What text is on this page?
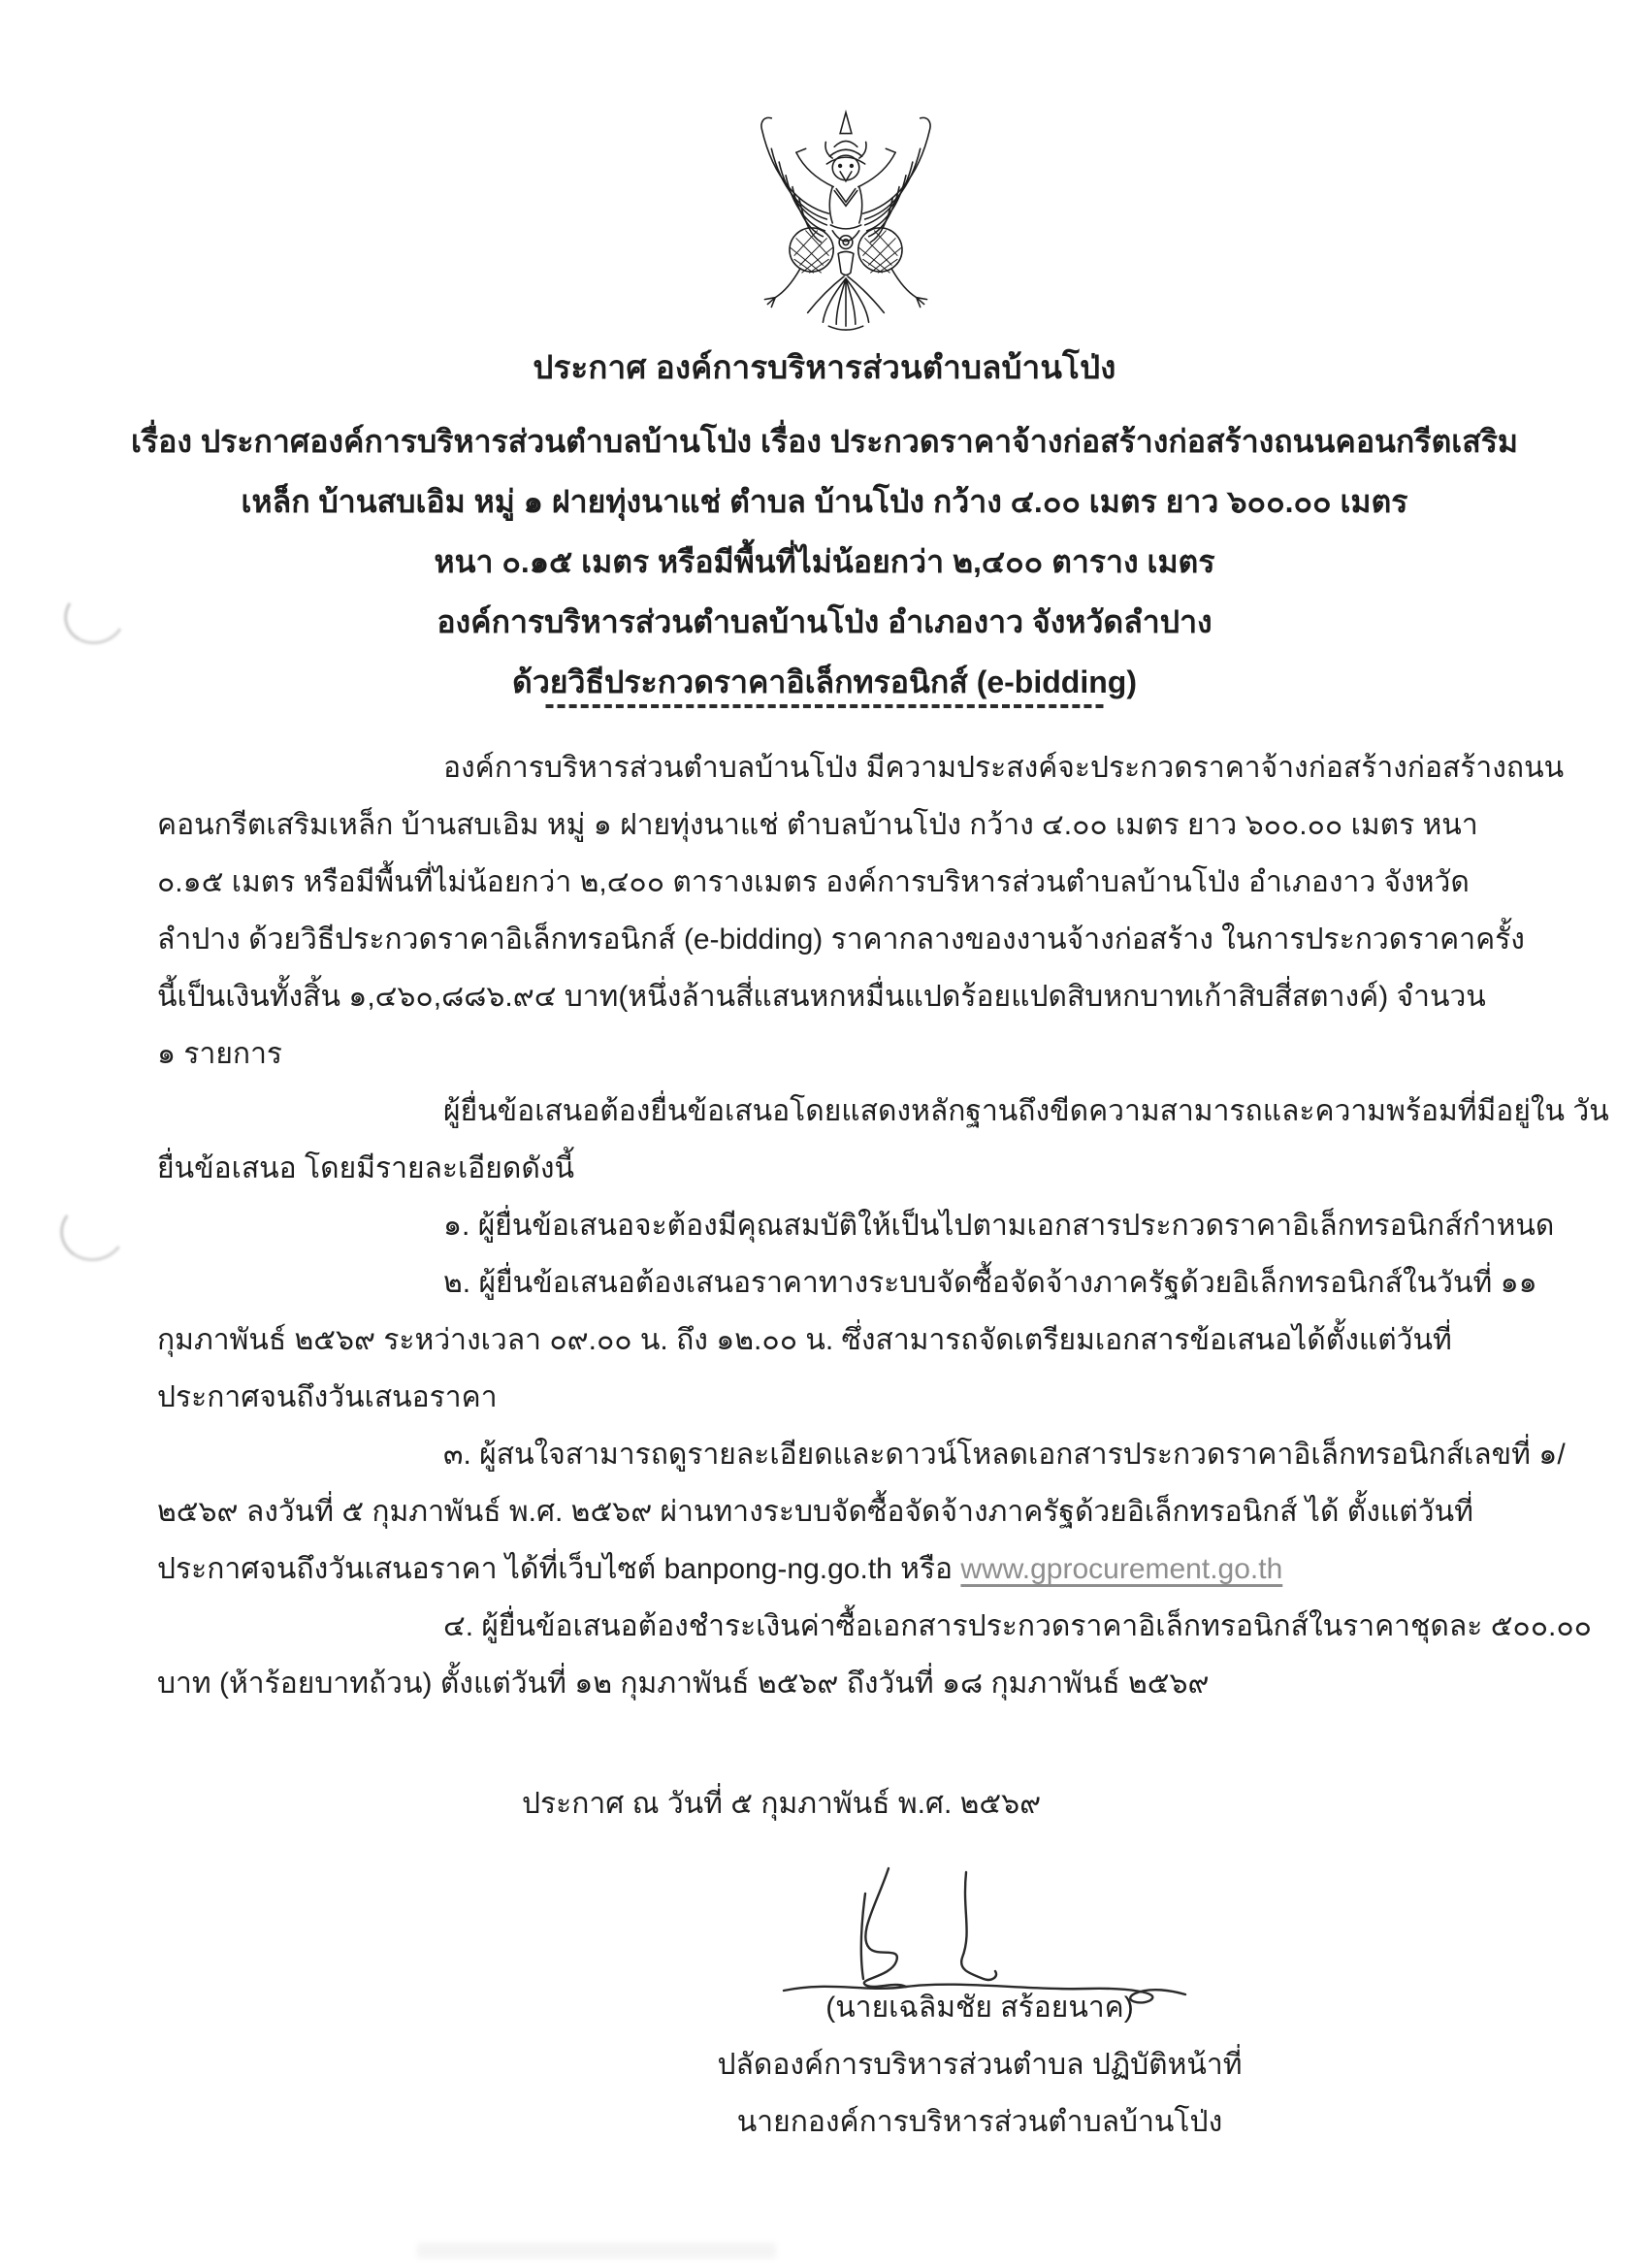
ประกาศ องค์การบริหารส่วนตำบลบ้านโป่ง
เรื่อง ประกาศองค์การบริหารส่วนตำบลบ้านโป่ง เรื่อง ประกวดราคาจ้างก่อสร้างก่อสร้างถนนคอนกรีตเสริม
เหล็ก บ้านสบเอิม หมู่ ๑ ฝายทุ่งนาแช่ ตำบล บ้านโป่ง กว้าง ๔.๐๐ เมตร ยาว ๖๐๐.๐๐ เมตร
หนา ๐.๑๕ เมตร หรือมีพื้นที่ไม่น้อยกว่า ๒,๔๐๐ ตาราง เมตร
องค์การบริหารส่วนตำบลบ้านโป่ง อำเภองาว จังหวัดลำปาง
ด้วยวิธีประกวดราคาอิเล็กทรอนิกส์ (e-bidding)
องค์การบริหารส่วนตำบลบ้านโป่ง มีความประสงค์จะประกวดราคาจ้างก่อสร้างก่อสร้างถนน
คอนกรีตเสริมเหล็ก บ้านสบเอิม หมู่ ๑ ฝายทุ่งนาแช่ ตำบลบ้านโป่ง กว้าง ๔.๐๐ เมตร ยาว ๖๐๐.๐๐ เมตร หนา
๐.๑๕ เมตร หรือมีพื้นที่ไม่น้อยกว่า ๒,๔๐๐ ตารางเมตร องค์การบริหารส่วนตำบลบ้านโป่ง อำเภองาว จังหวัด
ลำปาง ด้วยวิธีประกวดราคาอิเล็กทรอนิกส์ (e-bidding) ราคากลางของงานจ้างก่อสร้าง ในการประกวดราคาครั้ง
นี้เป็นเงินทั้งสิ้น ๑,๔๖๐,๘๘๖.๙๔ บาท(หนึ่งล้านสี่แสนหกหมื่นแปดร้อยแปดสิบหกบาทเก้าสิบสี่สตางค์) จำนวน
๑ รายการ
ผู้ยื่นข้อเสนอต้องยื่นข้อเสนอโดยแสดงหลักฐานถึงขีดความสามารถและความพร้อมที่มีอยู่ใน วัน
ยื่นข้อเสนอ โดยมีรายละเอียดดังนี้
๑. ผู้ยื่นข้อเสนอจะต้องมีคุณสมบัติให้เป็นไปตามเอกสารประกวดราคาอิเล็กทรอนิกส์กำหนด
๒. ผู้ยื่นข้อเสนอต้องเสนอราคาทางระบบจัดซื้อจัดจ้างภาครัฐด้วยอิเล็กทรอนิกส์ในวันที่ ๑๑
กุมภาพันธ์ ๒๕๖๙ ระหว่างเวลา ๐๙.๐๐ น. ถึง ๑๒.๐๐ น. ซึ่งสามารถจัดเตรียมเอกสารข้อเสนอได้ตั้งแต่วันที่
ประกาศจนถึงวันเสนอราคา
๓. ผู้สนใจสามารถดูรายละเอียดและดาวน์โหลดเอกสารประกวดราคาอิเล็กทรอนิกส์เลขที่ ๑/
๒๕๖๙ ลงวันที่ ๕ กุมภาพันธ์ พ.ศ. ๒๕๖๙ ผ่านทางระบบจัดซื้อจัดจ้างภาครัฐด้วยอิเล็กทรอนิกส์ ได้ ตั้งแต่วันที่
ประกาศจนถึงวันเสนอราคา ได้ที่เว็บไซต์ banpong-ng.go.th หรือ www.gprocurement.go.th
๔. ผู้ยื่นข้อเสนอต้องชำระเงินค่าซื้อเอกสารประกวดราคาอิเล็กทรอนิกส์ในราคาชุดละ ๕๐๐.๐๐
บาท (ห้าร้อยบาทถ้วน) ตั้งแต่วันที่ ๑๒ กุมภาพันธ์ ๒๕๖๙ ถึงวันที่ ๑๘ กุมภาพันธ์ ๒๕๖๙
ประกาศ ณ วันที่ ๕ กุมภาพันธ์ พ.ศ. ๒๕๖๙
(นายเฉลิมชัย สร้อยนาค)
ปลัดองค์การบริหารส่วนตำบล ปฏิบัติหน้าที่
นายกองค์การบริหารส่วนตำบลบ้านโป่ง
